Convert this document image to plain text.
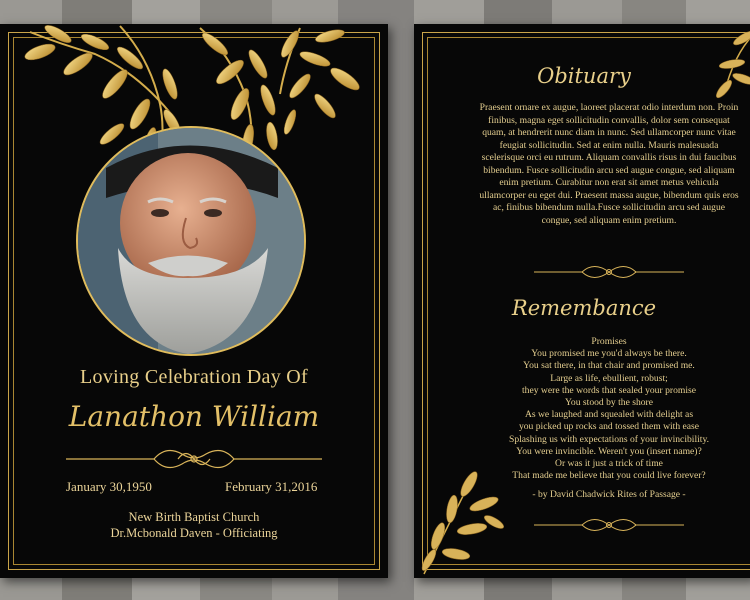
Loving Celebration Day Of
Lanathon William
January 30,1950	February 31,2016
New Birth Baptist Church
Dr.Mcbonald Daven - Officiating
Obituary
Praesent ornare ex augue, laoreet placerat odio interdum non. Proin finibus, magna eget sollicitudin convallis, dolor sem consequat quam, at hendrerit nunc diam in nunc. Sed ullamcorper nunc vitae feugiat sollicitudin. Sed at enim nulla. Mauris malesuada scelerisque orci eu rutrum. Aliquam convallis risus in dui faucibus bibendum. Fusce sollicitudin arcu sed augue congue, sed aliquam enim pretium. Curabitur non erat sit amet metus vehicula ullamcorper eu eget dui. Praesent massa augue, bibendum quis eros ac, finibus bibendum nulla.Fusce sollicitudin arcu sed augue congue, sed aliquam enim pretium.
Remembance
Promises
You promised me you'd always be there.
You sat there, in that chair and promised me.
Large as life, ebullient, robust;
they were the words that sealed your promise
You stood by the shore
As we laughed and squealed with delight as
you picked up rocks and tossed them with ease
Splashing us with expectations of your invincibility.
You were invincible. Weren't you (insert name)?
Or was it just a trick of time
That made me believe that you could live forever?
- by David Chadwick Rites of Passage -
